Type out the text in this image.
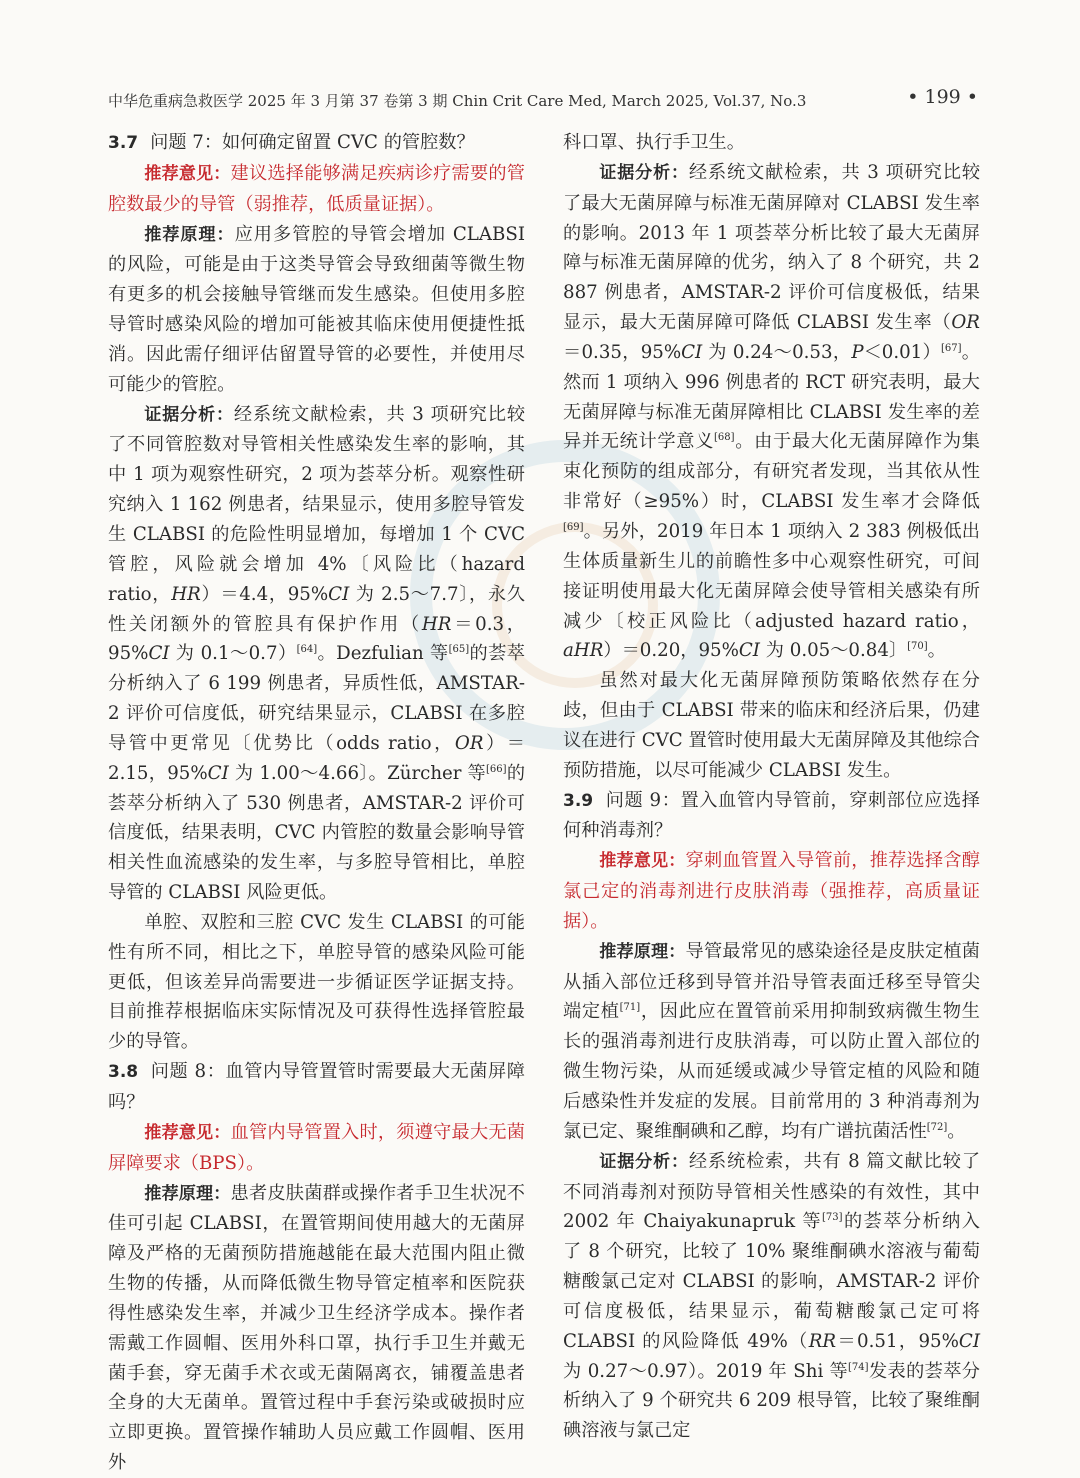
中华危重病急救医学 2025 年 3 月第 37 卷第 3 期 Chin Crit Care Med, March 2025, Vol.37, No.3	• 199 •

3.7 问题 7：如何确定留置 CVC 的管腔数？

推荐意见：建议选择能够满足疾病诊疗需要的管腔数最少的导管（弱推荐，低质量证据）。

推荐原理：应用多管腔的导管会增加 CLABSI 的风险，可能是由于这类导管会导致细菌等微生物有更多的机会接触导管继而发生感染。但使用多腔导管时感染风险的增加可能被其临床使用便捷性抵消。因此需仔细评估留置导管的必要性，并使用尽可能少的管腔。

证据分析：经系统文献检索，共 3 项研究比较了不同管腔数对导管相关性感染发生率的影响，其中 1 项为观察性研究，2 项为荟萃分析。观察性研究纳入 1 162 例患者，结果显示，使用多腔导管发生 CLABSI 的危险性明显增加，每增加 1 个 CVC 管腔，风险就会增加 4%〔风险比（hazard ratio，HR）＝4.4，95%CI 为 2.5～7.7〕，永久性关闭额外的管腔具有保护作用（HR＝0.3，95%CI 为 0.1～0.7）[64]。Dezfulian 等[65]的荟萃分析纳入了 6 199 例患者，异质性低，AMSTAR-2 评价可信度低，研究结果显示，CLABSI 在多腔导管中更常见〔优势比（odds ratio，OR）＝2.15，95%CI 为 1.00～4.66〕。Zürcher 等[66]的荟萃分析纳入了 530 例患者，AMSTAR-2 评价可信度低，结果表明，CVC 内管腔的数量会影响导管相关性血流感染的发生率，与多腔导管相比，单腔导管的 CLABSI 风险更低。

单腔、双腔和三腔 CVC 发生 CLABSI 的可能性有所不同，相比之下，单腔导管的感染风险可能更低，但该差异尚需要进一步循证医学证据支持。目前推荐根据临床实际情况及可获得性选择管腔最少的导管。

3.8 问题 8：血管内导管置管时需要最大无菌屏障吗？

推荐意见：血管内导管置入时，须遵守最大无菌屏障要求（BPS）。

推荐原理：患者皮肤菌群或操作者手卫生状况不佳可引起 CLABSI，在置管期间使用越大的无菌屏障及严格的无菌预防措施越能在最大范围内阻止微生物的传播，从而降低微生物导管定植率和医院获得性感染发生率，并减少卫生经济学成本。操作者需戴工作圆帽、医用外科口罩，执行手卫生并戴无菌手套，穿无菌手术衣或无菌隔离衣，铺覆盖患者全身的大无菌单。置管过程中手套污染或破损时应立即更换。置管操作辅助人员应戴工作圆帽、医用外

科口罩、执行手卫生。

证据分析：经系统文献检索，共 3 项研究比较了最大无菌屏障与标准无菌屏障对 CLABSI 发生率的影响。2013 年 1 项荟萃分析比较了最大无菌屏障与标准无菌屏障的优劣，纳入了 8 个研究，共 2 887 例患者，AMSTAR-2 评价可信度极低，结果显示，最大无菌屏障可降低 CLABSI 发生率（OR＝0.35，95%CI 为 0.24～0.53，P＜0.01）[67]。然而 1 项纳入 996 例患者的 RCT 研究表明，最大无菌屏障与标准无菌屏障相比 CLABSI 发生率的差异并无统计学意义[68]。由于最大化无菌屏障作为集束化预防的组成部分，有研究者发现，当其依从性非常好（≥95%）时，CLABSI 发生率才会降低[69]。另外，2019 年日本 1 项纳入 2 383 例极低出生体质量新生儿的前瞻性多中心观察性研究，可间接证明使用最大化无菌屏障会使导管相关感染有所减少〔校正风险比（adjusted hazard ratio，aHR）＝0.20，95%CI 为 0.05～0.84〕[70]。

虽然对最大化无菌屏障预防策略依然存在分歧，但由于 CLABSI 带来的临床和经济后果，仍建议在进行 CVC 置管时使用最大无菌屏障及其他综合预防措施，以尽可能减少 CLABSI 发生。

3.9 问题 9：置入血管内导管前，穿刺部位应选择何种消毒剂？

推荐意见：穿刺血管置入导管前，推荐选择含醇氯己定的消毒剂进行皮肤消毒（强推荐，高质量证据）。

推荐原理：导管最常见的感染途径是皮肤定植菌从插入部位迁移到导管并沿导管表面迁移至导管尖端定植[71]，因此应在置管前采用抑制致病微生物生长的强消毒剂进行皮肤消毒，可以防止置入部位的微生物污染，从而延缓或减少导管定植的风险和随后感染性并发症的发展。目前常用的 3 种消毒剂为氯已定、聚维酮碘和乙醇，均有广谱抗菌活性[72]。

证据分析：经系统检索，共有 8 篇文献比较了不同消毒剂对预防导管相关性感染的有效性，其中 2002 年 Chaiyakunapruk 等[73]的荟萃分析纳入了 8 个研究，比较了 10% 聚维酮碘水溶液与葡萄糖酸氯己定对 CLABSI 的影响，AMSTAR-2 评价可信度极低，结果显示，葡萄糖酸氯己定可将 CLABSI 的风险降低 49%（RR＝0.51，95%CI 为 0.27～0.97）。2019 年 Shi 等[74]发表的荟萃分析纳入了 9 个研究共 6 209 根导管，比较了聚维酮碘溶液与氯己定
